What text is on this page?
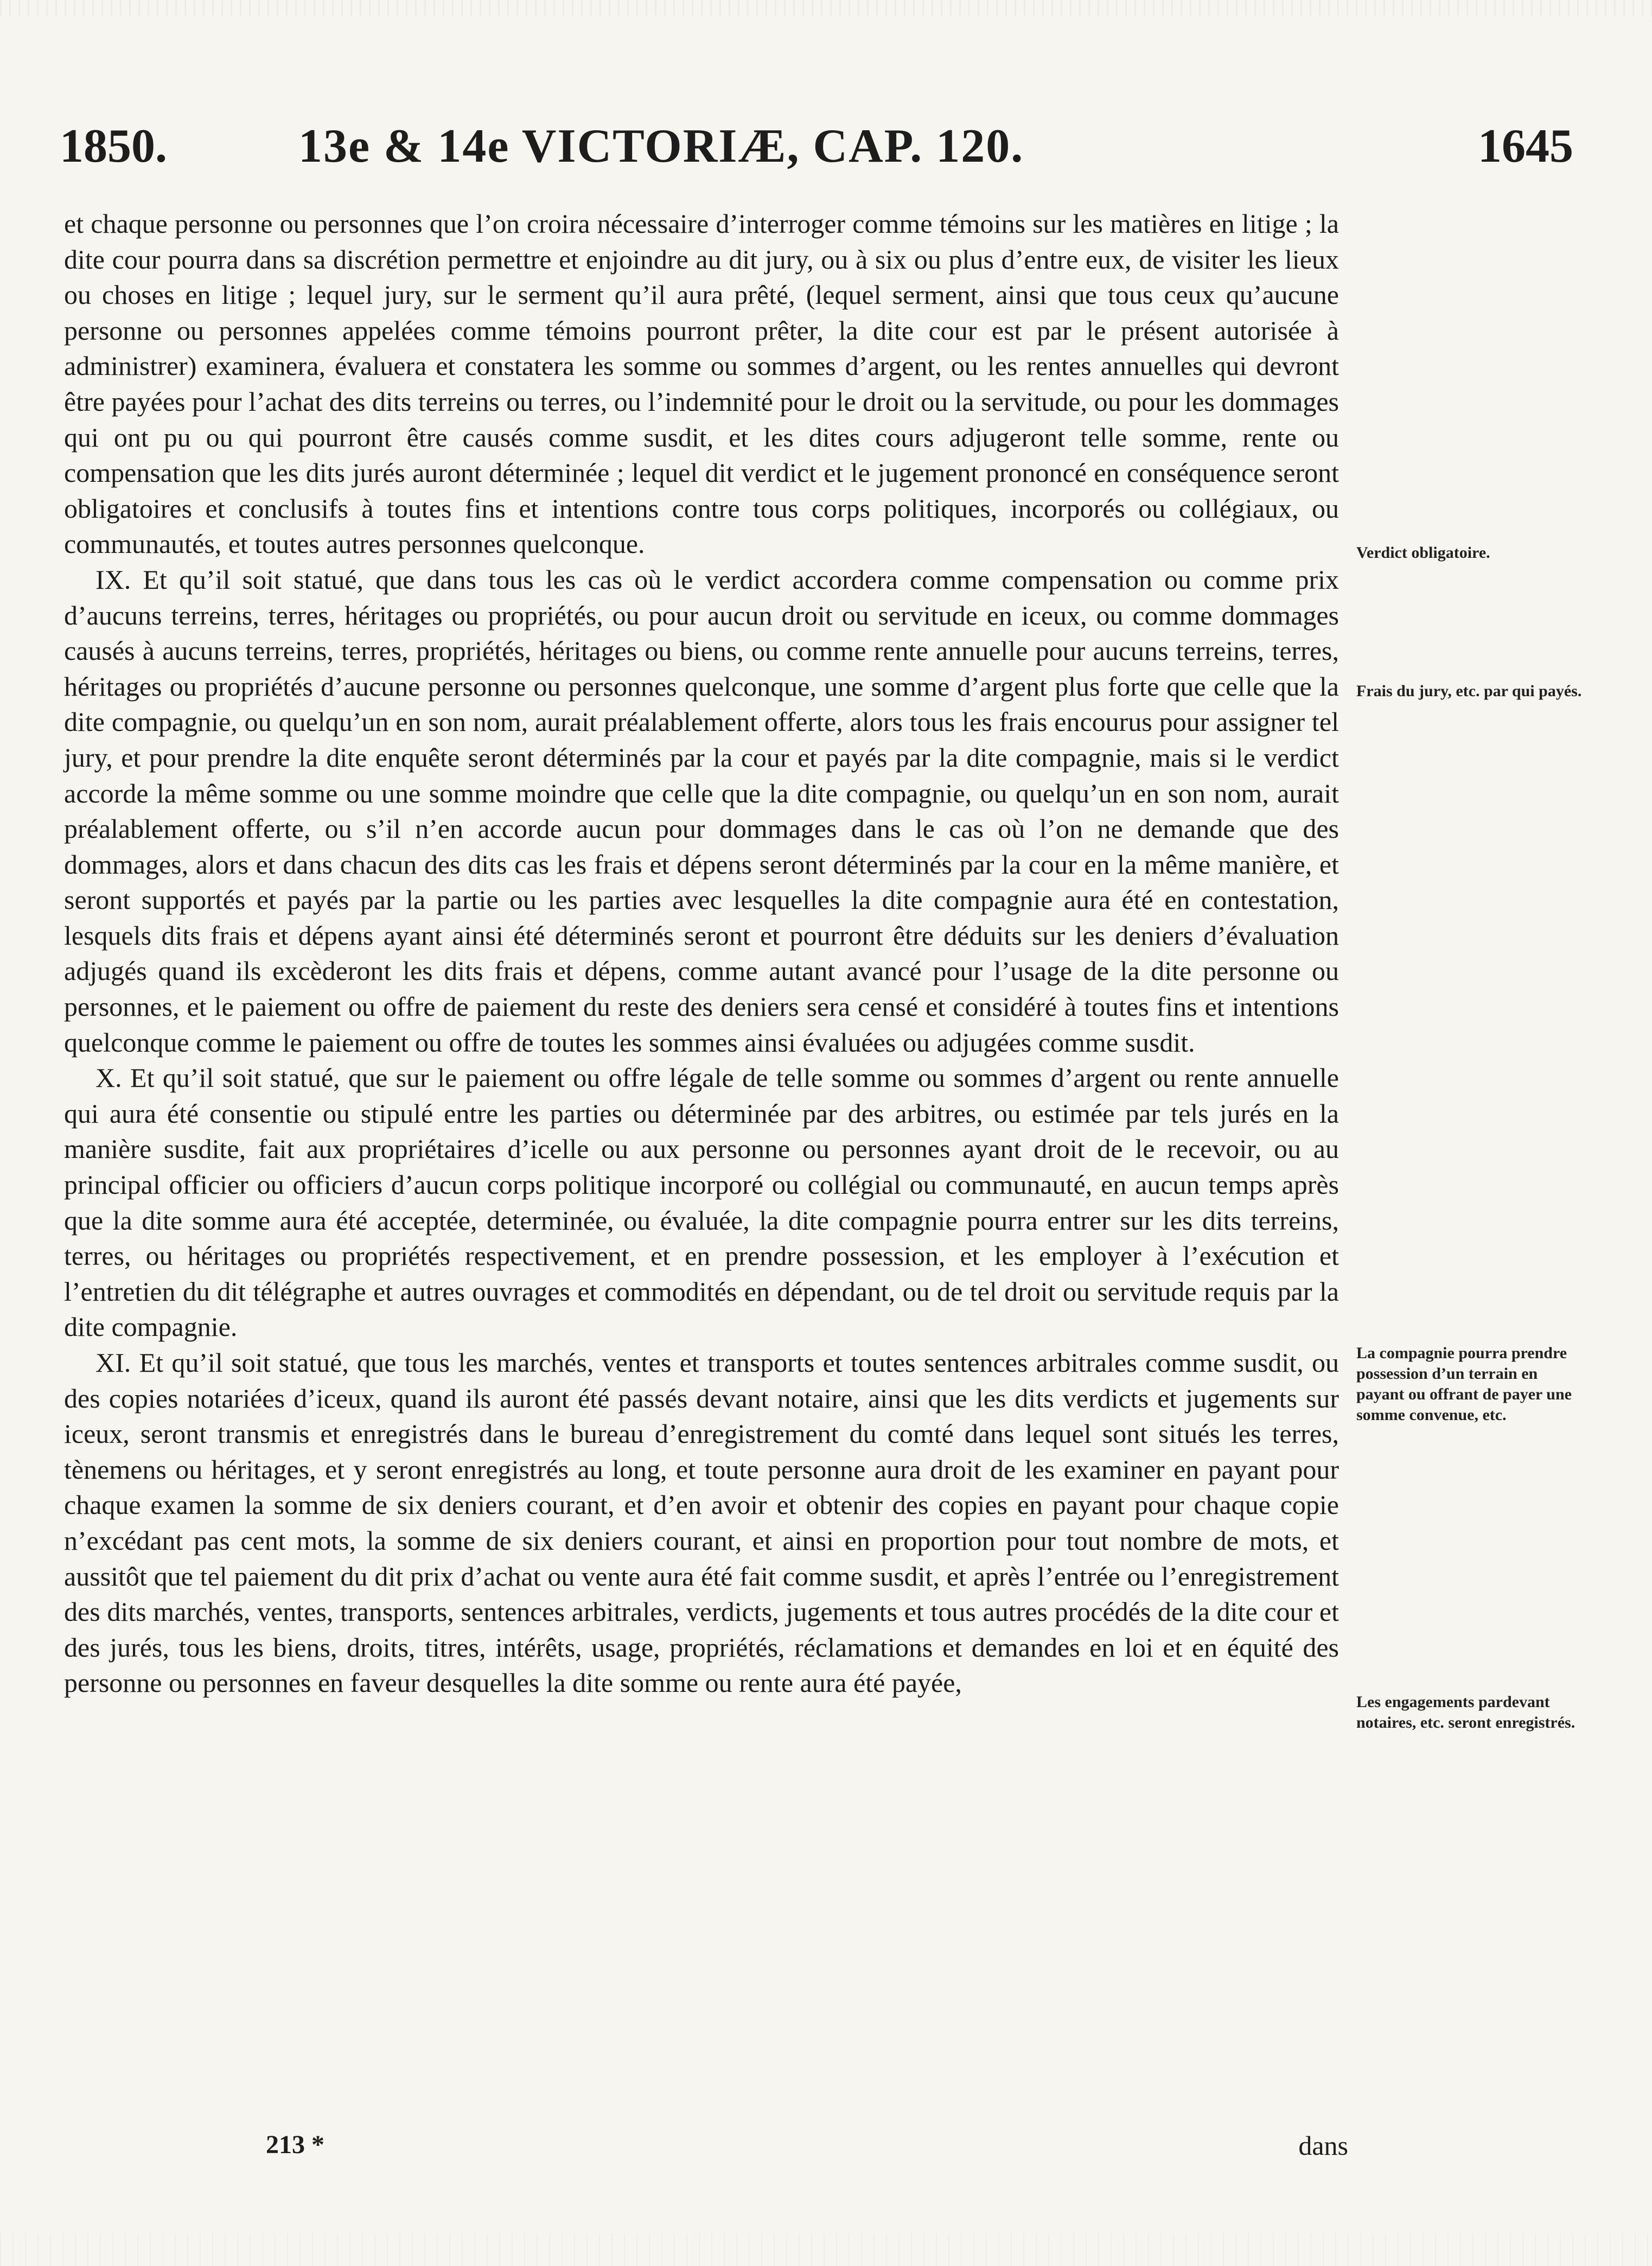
1850.	13e & 14e VICTORIÆ, CAP. 120.	1645

et chaque personne ou personnes que l’on croira nécessaire d’interroger comme témoins sur les matières en litige ; la dite cour pourra dans sa discrétion permettre et enjoindre au dit jury, ou à six ou plus d’entre eux, de visiter les lieux ou choses en litige ; lequel jury, sur le serment qu’il aura prêté, (lequel serment, ainsi que tous ceux qu’aucune personne ou personnes appelées comme témoins pourront prêter, la dite cour est par le présent autorisée à administrer) examinera, évaluera et constatera les somme ou sommes d’argent, ou les rentes annuelles qui devront être payées pour l’achat des dits terreins ou terres, ou l’indemnité pour le droit ou la servitude, ou pour les dommages qui ont pu ou qui pourront être causés comme susdit, et les dites cours adjugeront telle somme, rente ou compensation que les dits jurés auront déterminée ; lequel dit verdict et le jugement prononcé en conséquence seront obligatoires et conclusifs à toutes fins et intentions contre tous corps politiques, incorporés ou collégiaux, ou communautés, et toutes autres personnes quelconque.

IX. Et qu’il soit statué, que dans tous les cas où le verdict accordera comme compensation ou comme prix d’aucuns terreins, terres, héritages ou propriétés, ou pour aucun droit ou servitude en iceux, ou comme dommages causés à aucuns terreins, terres, propriétés, héritages ou biens, ou comme rente annuelle pour aucuns terreins, terres, héritages ou propriétés d’aucune personne ou personnes quelconque, une somme d’argent plus forte que celle que la dite compagnie, ou quelqu’un en son nom, aurait préalablement offerte, alors tous les frais encourus pour assigner tel jury, et pour prendre la dite enquête seront déterminés par la cour et payés par la dite compagnie, mais si le verdict accorde la même somme ou une somme moindre que celle que la dite compagnie, ou quelqu’un en son nom, aurait préalablement offerte, ou s’il n’en accorde aucun pour dommages dans le cas où l’on ne demande que des dommages, alors et dans chacun des dits cas les frais et dépens seront déterminés par la cour en la même manière, et seront supportés et payés par la partie ou les parties avec lesquelles la dite compagnie aura été en contestation, lesquels dits frais et dépens ayant ainsi été déterminés seront et pourront être déduits sur les deniers d’évaluation adjugés quand ils excèderont les dits frais et dépens, comme autant avancé pour l’usage de la dite personne ou personnes, et le paiement ou offre de paiement du reste des deniers sera censé et considéré à toutes fins et intentions quelconque comme le paiement ou offre de toutes les sommes ainsi évaluées ou adjugées comme susdit.

X. Et qu’il soit statué, que sur le paiement ou offre légale de telle somme ou sommes d’argent ou rente annuelle qui aura été consentie ou stipulé entre les parties ou déterminée par des arbitres, ou estimée par tels jurés en la manière susdite, fait aux propriétaires d’icelle ou aux personne ou personnes ayant droit de le recevoir, ou au principal officier ou officiers d’aucun corps politique incorporé ou collégial ou communauté, en aucun temps après que la dite somme aura été acceptée, determinée, ou évaluée, la dite compagnie pourra entrer sur les dits terreins, terres, ou héritages ou propriétés respectivement, et en prendre possession, et les employer à l’exécution et l’entretien du dit télégraphe et autres ouvrages et commodités en dépendant, ou de tel droit ou servitude requis par la dite compagnie.

XI. Et qu’il soit statué, que tous les marchés, ventes et transports et toutes sentences arbitrales comme susdit, ou des copies notariées d’iceux, quand ils auront été passés devant notaire, ainsi que les dits verdicts et jugements sur iceux, seront transmis et enregistrés dans le bureau d’enregistrement du comté dans lequel sont situés les terres, tènemens ou héritages, et y seront enregistrés au long, et toute personne aura droit de les examiner en payant pour chaque examen la somme de six deniers courant, et d’en avoir et obtenir des copies en payant pour chaque copie n’excédant pas cent mots, la somme de six deniers courant, et ainsi en proportion pour tout nombre de mots, et aussitôt que tel paiement du dit prix d’achat ou vente aura été fait comme susdit, et après l’entrée ou l’enregistrement des dits marchés, ventes, transports, sentences arbitrales, verdicts, jugements et tous autres procédés de la dite cour et des jurés, tous les biens, droits, titres, intérêts, usage, propriétés, réclamations et demandes en loi et en équité des personne ou personnes en faveur desquelles la dite somme ou rente aura été payée,

Verdict obligatoire.
Frais du jury, etc. par qui payés.
La compagnie pourra prendre possession d’un terrain en payant ou offrant de payer une somme convenue, etc.
Les engagements pardevant notaires, etc. seront enregistrés.
213 *	dans
